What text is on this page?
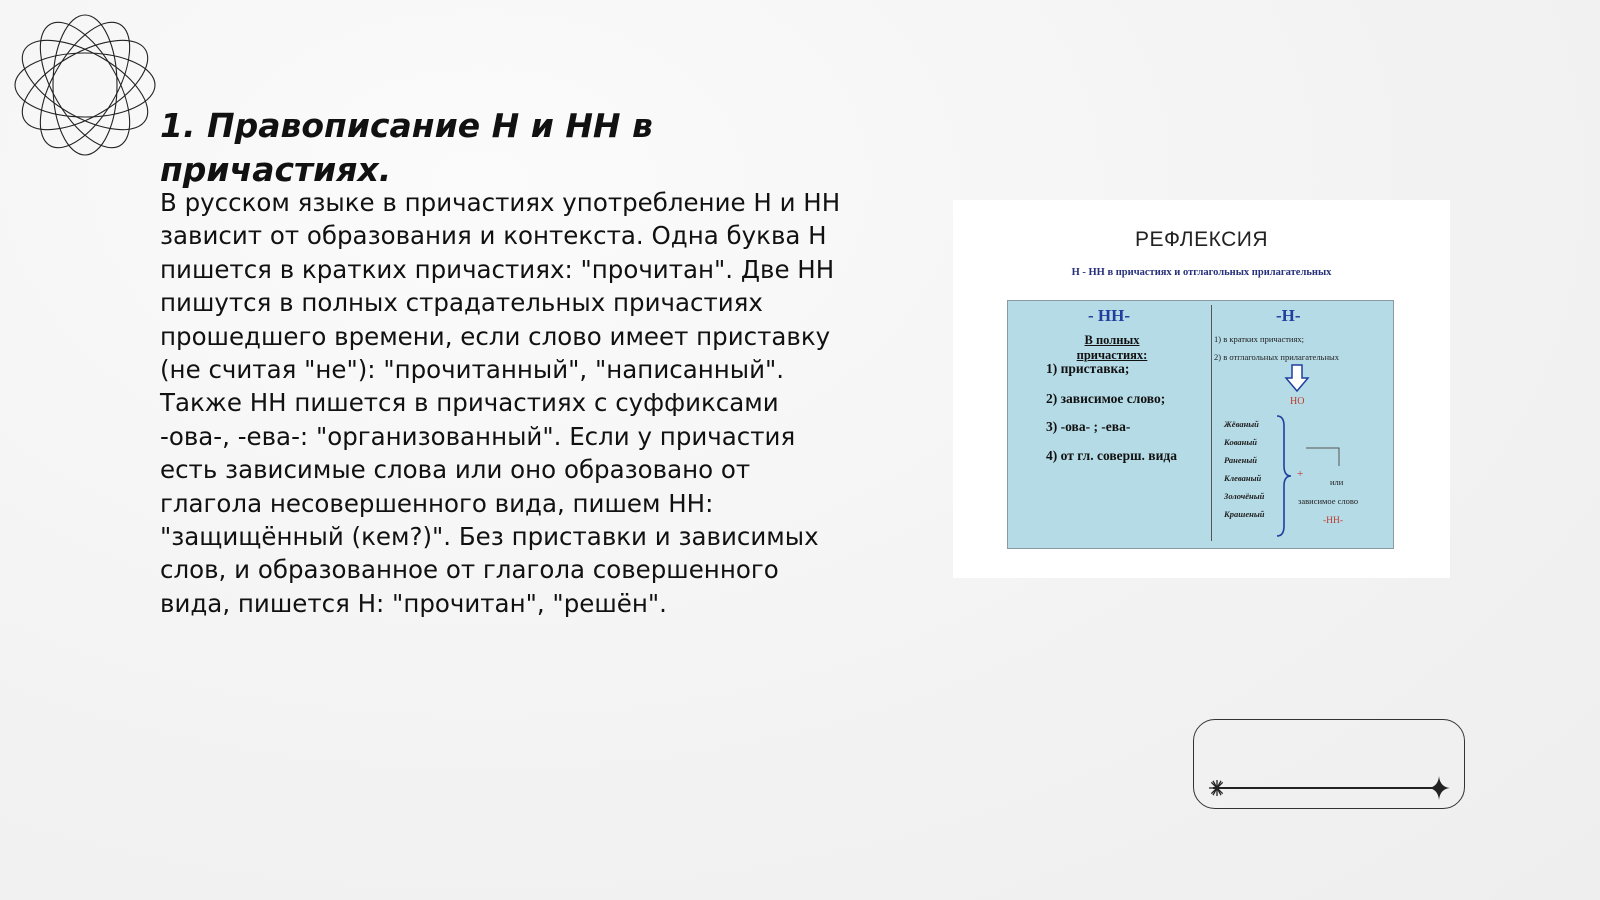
1. Правописание Н и НН в причастиях.

В русском языке в причастиях употребление Н и НН зависит от образования и контекста. Одна буква Н пишется в кратких причастиях: "прочитан". Две НН пишутся в полных страдательных причастиях прошедшего времени, если слово имеет приставку (не считая "не"): "прочитанный", "написанный". Также НН пишется в причастиях с суффиксами -ова-, -ева-: "организованный". Если у причастия есть зависимые слова или оно образовано от глагола несовершенного вида, пишем НН: "защищённый (кем?)". Без приставки и зависимых слов, и образованное от глагола совершенного вида, пишется Н: "прочитан", "решён".

РЕФЛЕКСИЯ
Н - НН в причастиях и отглагольных прилагательных
- НН-	-Н-
В полных причастиях:
1) приставка;
2) зависимое слово;
3) -ова- ; -ева-
4) от гл. соверш. вида
1) в кратких причастиях;
2) в отглагольных прилагательных
НО
Жёваный
Кованый
Раненый
Клеваный
Золочёный
Крашеный
+
или
зависимое слово
-НН-
